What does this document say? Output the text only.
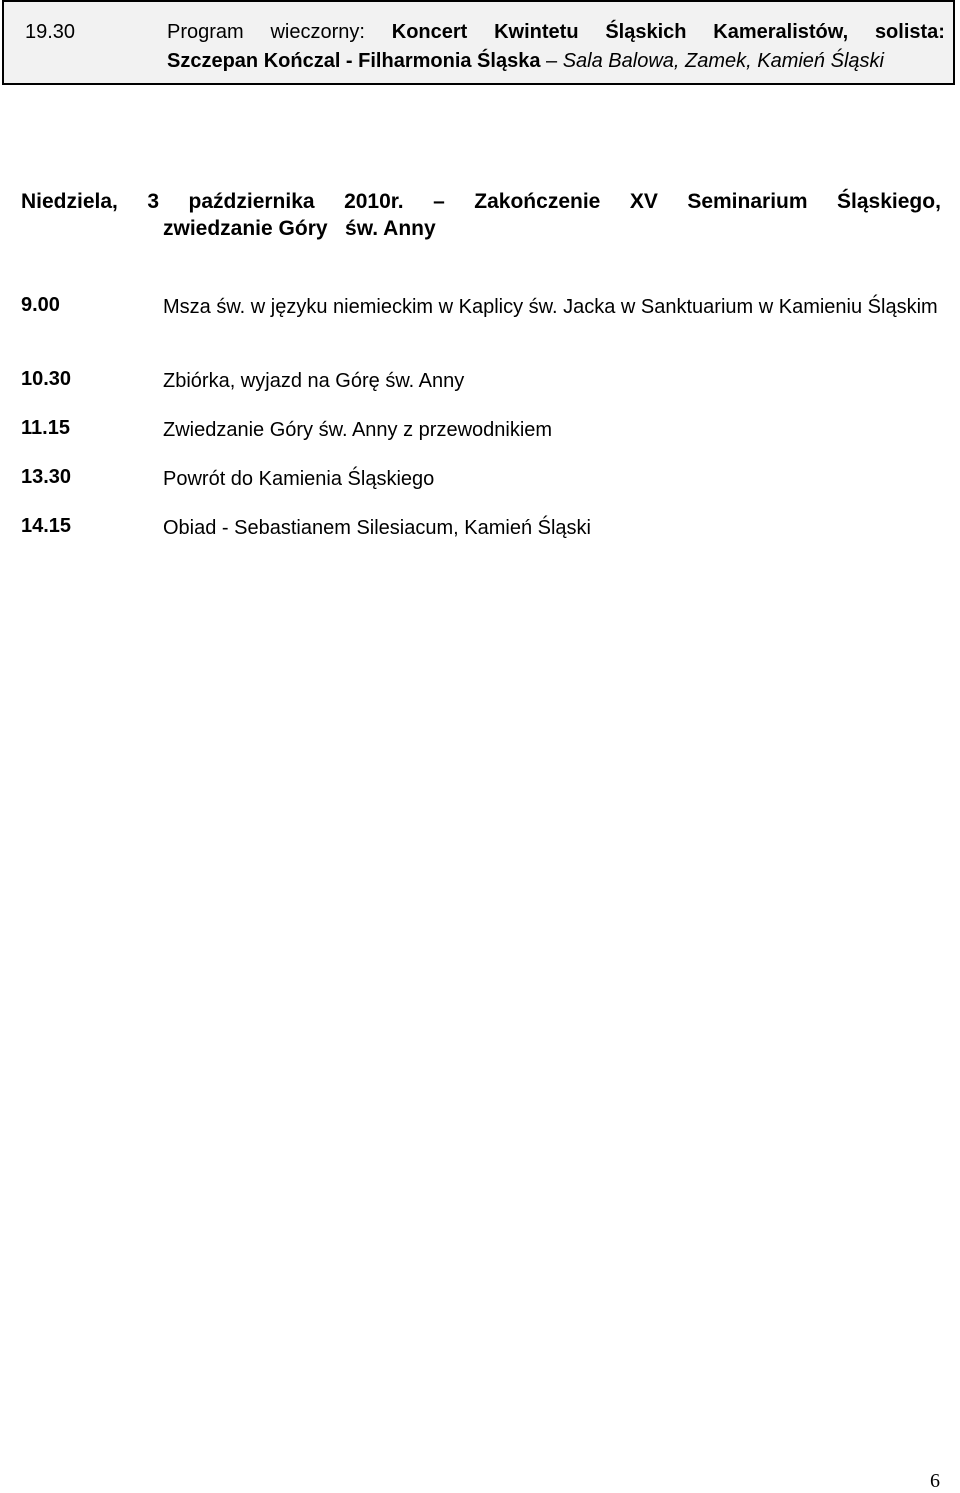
19.30	Program wieczorny: Koncert Kwintetu Śląskich Kameralistów, solista:
Szczepan Kończal - Filharmonia Śląska – Sala Balowa, Zamek, Kamień Śląski
Niedziela, 3 października 2010r. – Zakończenie XV Seminarium Śląskiego,
zwiedzanie Góry   św. Anny
9.00	Msza św. w języku niemieckim w Kaplicy św. Jacka w Sanktuarium w Kamieniu Śląskim
10.30	Zbiórka, wyjazd na Górę św. Anny
11.15	Zwiedzanie Góry św. Anny z przewodnikiem
13.30	Powrót do Kamienia Śląskiego
14.15	Obiad - Sebastianem Silesiacum, Kamień Śląski
6
